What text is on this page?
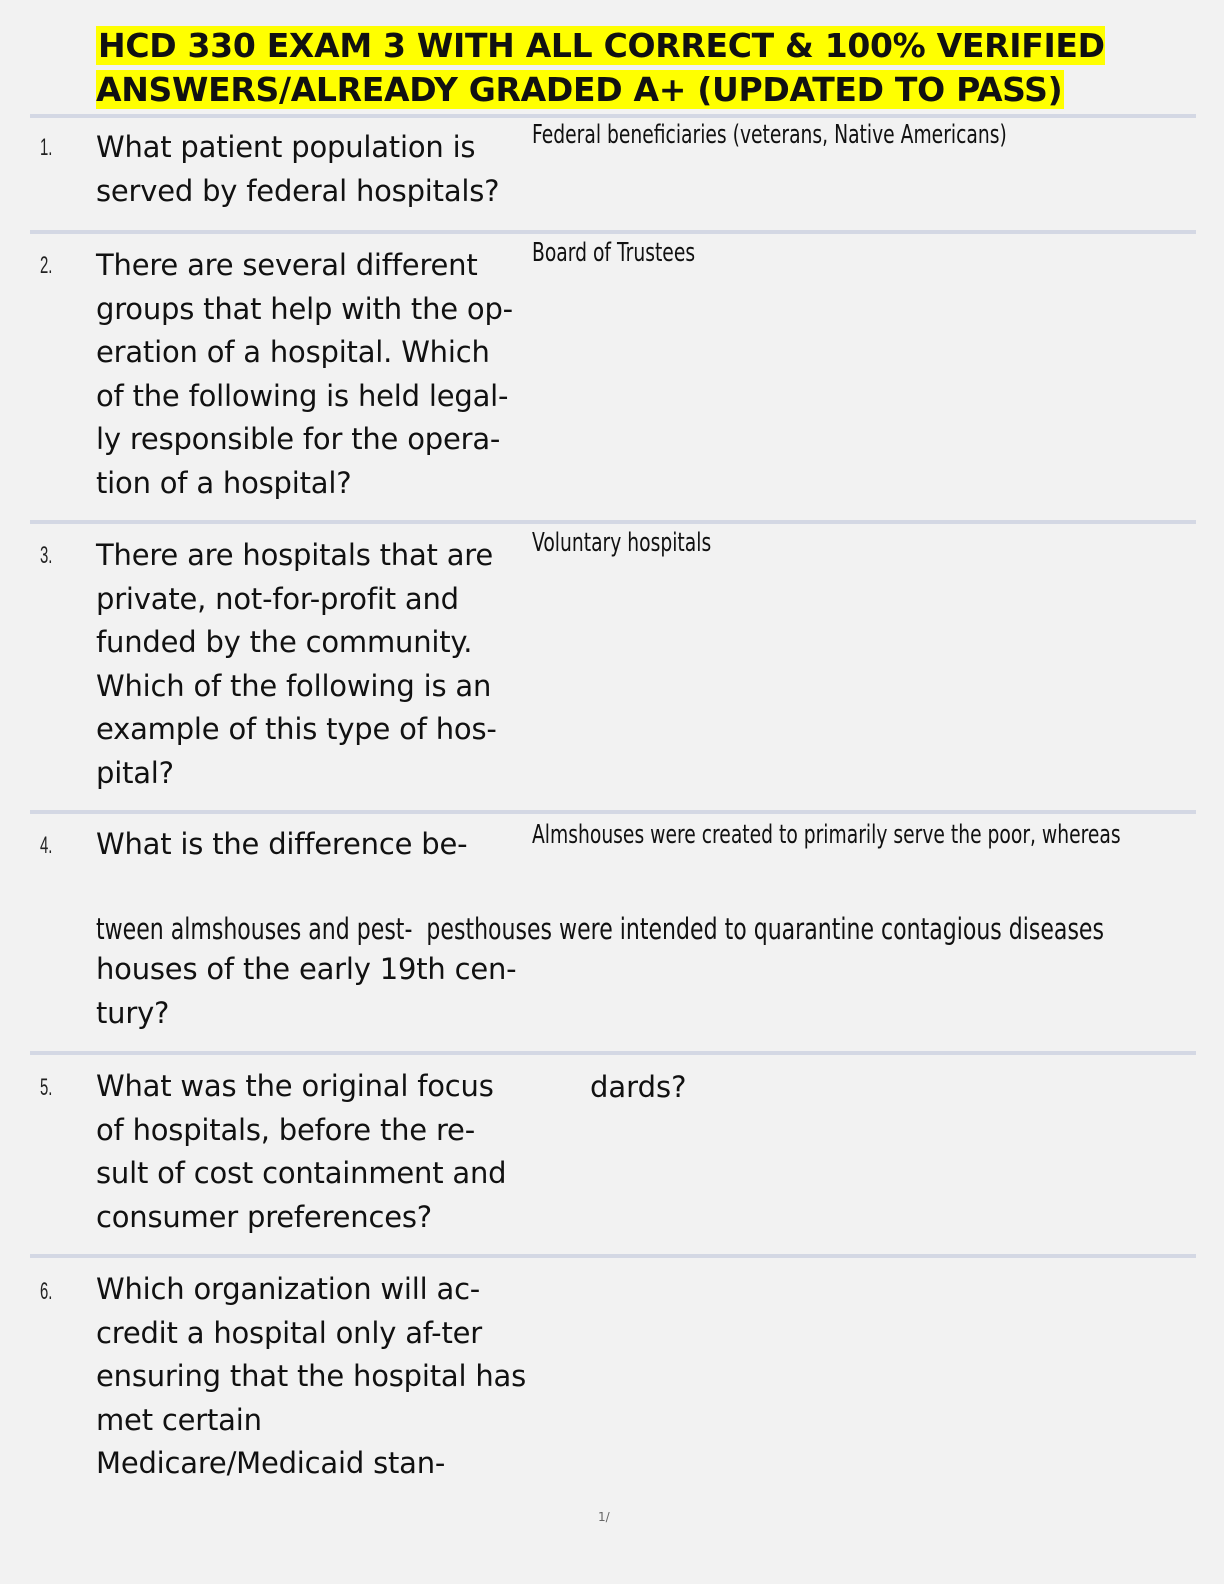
HCD 330 EXAM 3 WITH ALL CORRECT & 100% VERIFIED ANSWERS/ALREADY GRADED A+ (UPDATED TO PASS)
1. What patient population is served by federal hospitals?
Federal beneficiaries (veterans, Native Americans)
2. There are several different groups that help with the op-eration of a hospital. Which of the following is held legal-ly responsible for the opera-tion of a hospital?
Board of Trustees
3. There are hospitals that are private, not-for-profit and funded by the community. Which of the following is an example of this type of hos-pital?
Voluntary hospitals
4. What is the difference be-	Almshouses were created to primarily serve the poor, whereas
tween almshouses and pest- pesthouses were intended to quarantine contagious diseases
houses of the early 19th cen-tury?
5. What was the original focus of hospitals, before the re-sult of cost containment and consumer preferences?
dards?
6. Which organization will ac-credit a hospital only af-ter ensuring that the hospital has met certain Medicare/Medicaid stan-
1/
